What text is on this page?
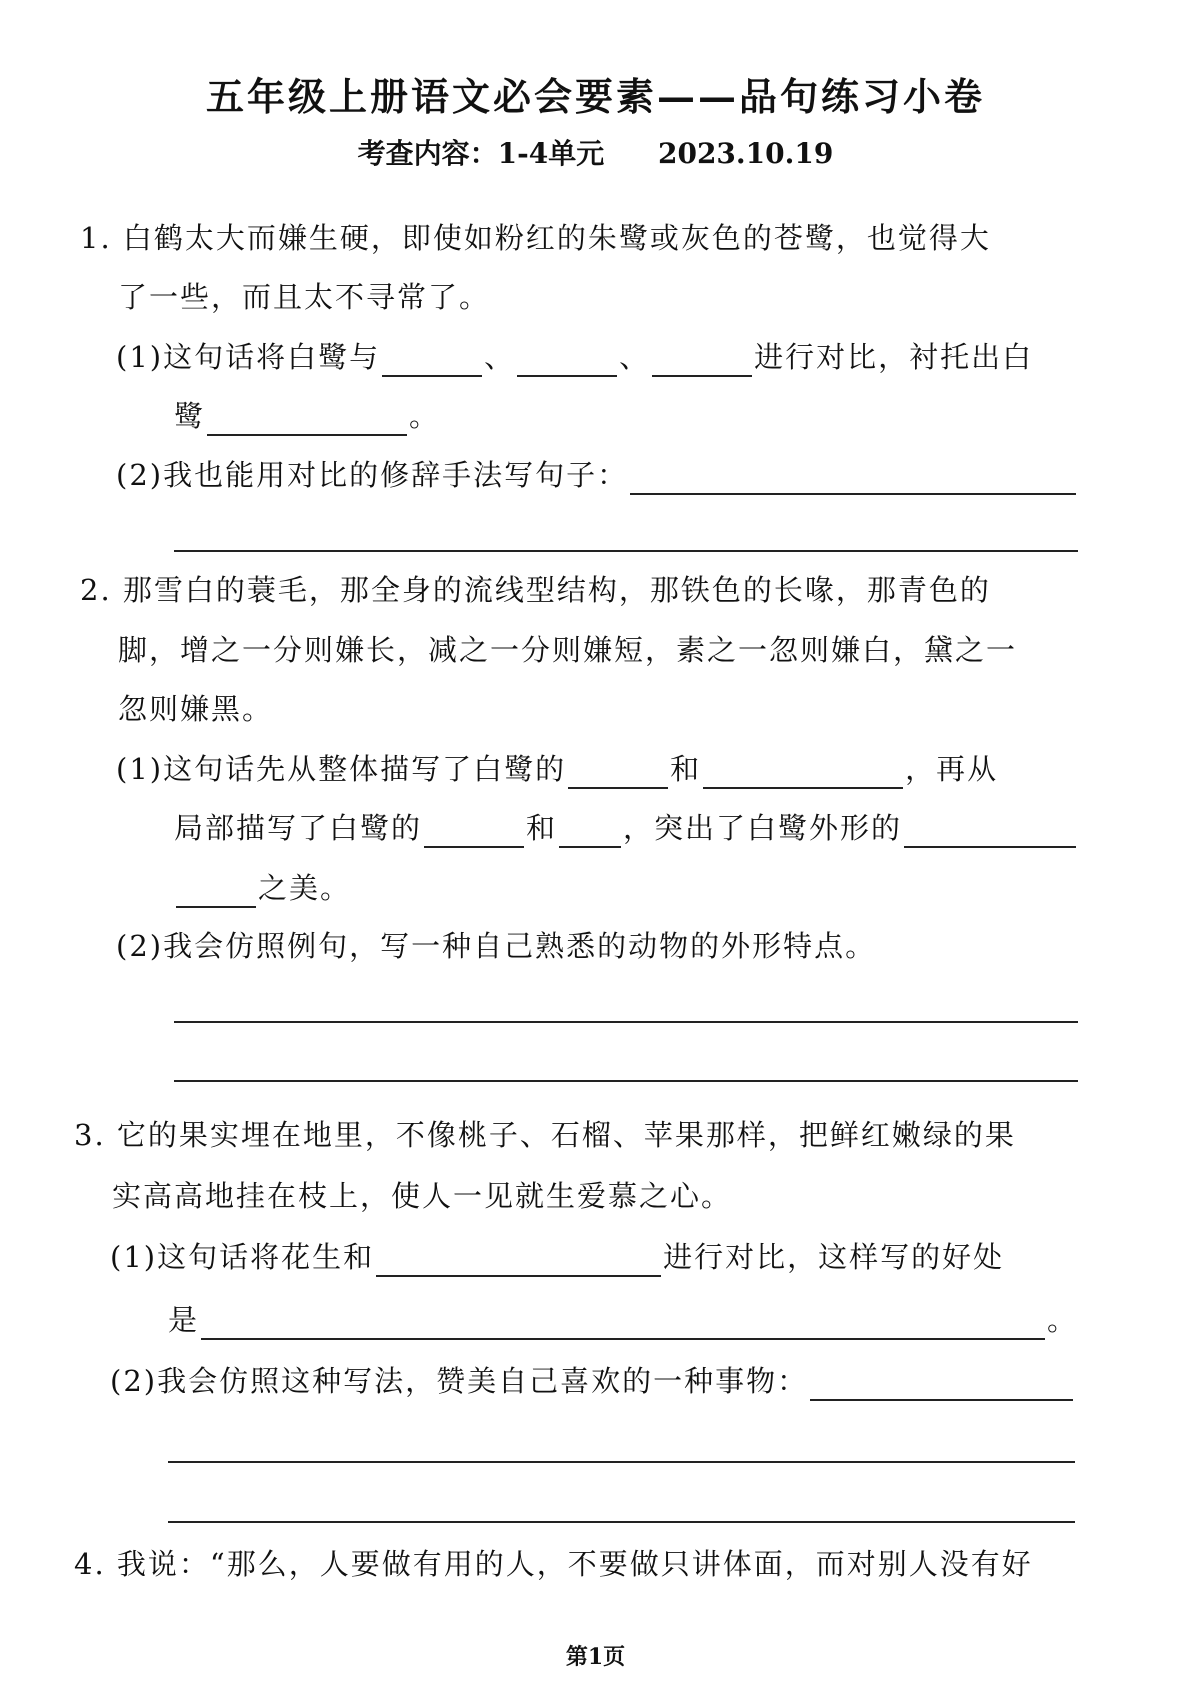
五年级上册语文必会要素——品句练习小卷
考查内容：1-4单元 2023.10.19
1. 白鹤太大而嫌生硬，即使如粉红的朱鹭或灰色的苍鹭，也觉得大
了一些，而且太不寻常了。
(1)这句话将白鹭与	、	、	进行对比，衬托出白
鹭	。
(2)我也能用对比的修辞手法写句子：
2. 那雪白的蓑毛，那全身的流线型结构，那铁色的长喙，那青色的
脚，增之一分则嫌长，减之一分则嫌短，素之一忽则嫌白，黛之一
忽则嫌黑。
(1)这句话先从整体描写了白鹭的	和	，再从
局部描写了白鹭的	和 ，突出了白鹭外形的
之美。
(2)我会仿照例句，写一种自己熟悉的动物的外形特点。
3. 它的果实埋在地里，不像桃子、石榴、苹果那样，把鲜红嫩绿的果
实高高地挂在枝上，使人一见就生爱慕之心。
(1)这句话将花生和	进行对比，这样写的好处
是	。
(2)我会仿照这种写法，赞美自己喜欢的一种事物：
4. 我说：“那么，人要做有用的人，不要做只讲体面，而对别人没有好
第1页
